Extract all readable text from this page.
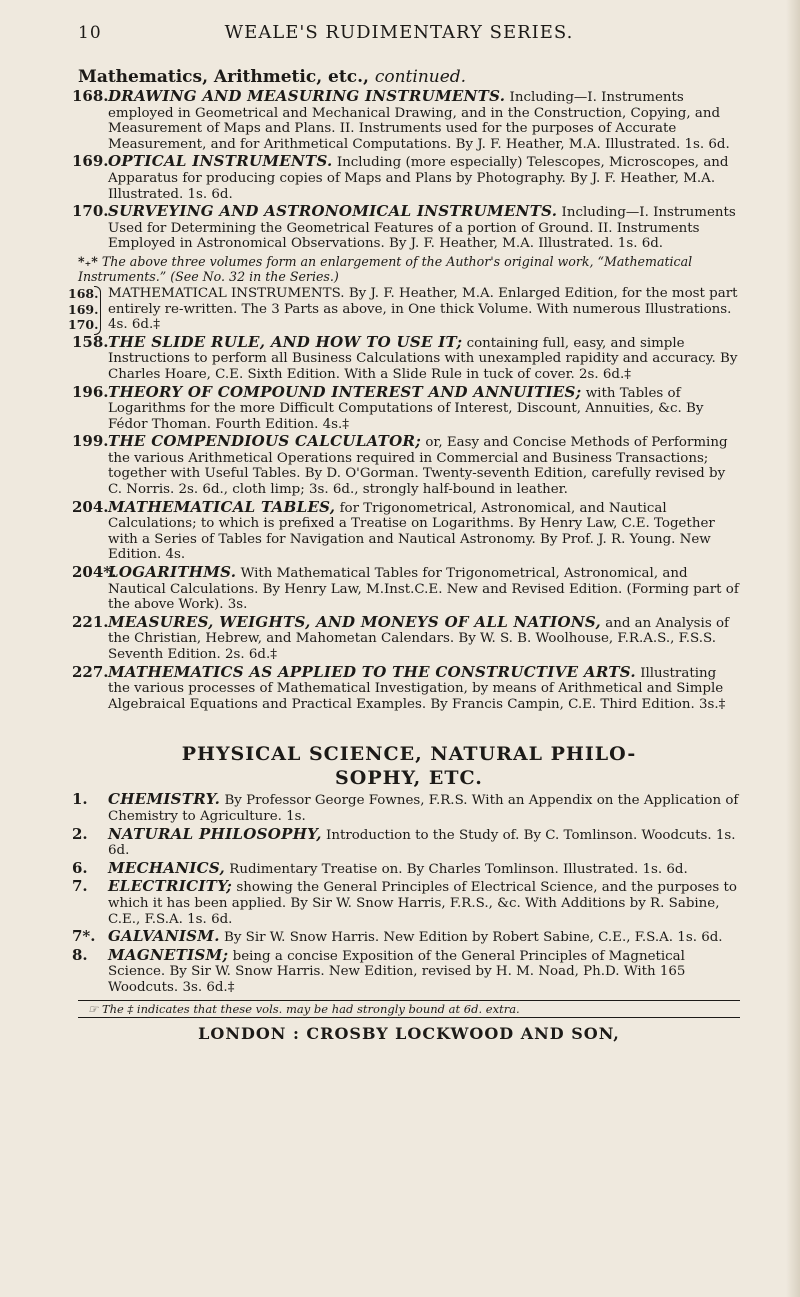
10	WEALE'S RUDIMENTARY SERIES.
Mathematics, Arithmetic, etc., continued.
168. DRAWING AND MEASURING INSTRUMENTS. Including—I. Instruments employed in Geometrical and Mechanical Drawing, and in the Construction, Copying, and Measurement of Maps and Plans. II. Instruments used for the purposes of Accurate Measurement, and for Arithmetical Computations. By J. F. Heather, M.A. Illustrated. 1s. 6d.
169. OPTICAL INSTRUMENTS. Including (more especially) Telescopes, Microscopes, and Apparatus for producing copies of Maps and Plans by Photography. By J. F. Heather, M.A. Illustrated. 1s. 6d.
170. SURVEYING AND ASTRONOMICAL INSTRUMENTS. Including—I. Instruments Used for Determining the Geometrical Features of a portion of Ground. II. Instruments Employed in Astronomical Observations. By J. F. Heather, M.A. Illustrated. 1s. 6d.
*₊* The above three volumes form an enlargement of the Author's original work, “Mathematical Instruments.” (See No. 32 in the Series.)
168.
169.
170.
MATHEMATICAL INSTRUMENTS. By J. F. Heather, M.A. Enlarged Edition, for the most part entirely re-written. The 3 Parts as above, in One thick Volume. With numerous Illustrations. 4s. 6d.‡
158. THE SLIDE RULE, AND HOW TO USE IT; containing full, easy, and simple Instructions to perform all Business Calculations with unexampled rapidity and accuracy. By Charles Hoare, C.E. Sixth Edition. With a Slide Rule in tuck of cover. 2s. 6d.‡
196. THEORY OF COMPOUND INTEREST AND ANNUITIES; with Tables of Logarithms for the more Difficult Computations of Interest, Discount, Annuities, &c. By Fédor Thoman. Fourth Edition. 4s.‡
199. THE COMPENDIOUS CALCULATOR; or, Easy and Concise Methods of Performing the various Arithmetical Operations required in Commercial and Business Transactions; together with Useful Tables. By D. O'Gorman. Twenty-seventh Edition, carefully revised by C. Norris. 2s. 6d., cloth limp; 3s. 6d., strongly half-bound in leather.
204. MATHEMATICAL TABLES, for Trigonometrical, Astronomical, and Nautical Calculations; to which is prefixed a Treatise on Logarithms. By Henry Law, C.E. Together with a Series of Tables for Navigation and Nautical Astronomy. By Prof. J. R. Young. New Edition. 4s.
204*.
LOGARITHMS. With Mathematical Tables for Trigonometrical, Astronomical, and Nautical Calculations. By Henry Law, M.Inst.C.E. New and Revised Edition. (Forming part of the above Work). 3s.
221. MEASURES, WEIGHTS, AND MONEYS OF ALL NATIONS, and an Analysis of the Christian, Hebrew, and Mahometan Calendars. By W. S. B. Woolhouse, F.R.A.S., F.S.S. Seventh Edition. 2s. 6d.‡
227. MATHEMATICS AS APPLIED TO THE CONSTRUCTIVE ARTS. Illustrating the various processes of Mathematical Investigation, by means of Arithmetical and Simple Algebraical Equations and Practical Examples. By Francis Campin, C.E. Third Edition. 3s.‡
PHYSICAL SCIENCE, NATURAL PHILO-
SOPHY, ETC.
1. CHEMISTRY. By Professor George Fownes, F.R.S. With an Appendix on the Application of Chemistry to Agriculture. 1s.
2. NATURAL PHILOSOPHY, Introduction to the Study of. By C. Tomlinson. Woodcuts. 1s. 6d.
6. MECHANICS, Rudimentary Treatise on. By Charles Tomlinson. Illustrated. 1s. 6d.
7. ELECTRICITY; showing the General Principles of Electrical Science, and the purposes to which it has been applied. By Sir W. Snow Harris, F.R.S., &c. With Additions by R. Sabine, C.E., F.S.A. 1s. 6d.
7*. GALVANISM. By Sir W. Snow Harris. New Edition by Robert Sabine, C.E., F.S.A. 1s. 6d.
8. MAGNETISM; being a concise Exposition of the General Principles of Magnetical Science. By Sir W. Snow Harris. New Edition, revised by H. M. Noad, Ph.D. With 165 Woodcuts. 3s. 6d.‡
☞ The ‡ indicates that these vols. may be had strongly bound at 6d. extra.
LONDON : CROSBY LOCKWOOD AND SON,
